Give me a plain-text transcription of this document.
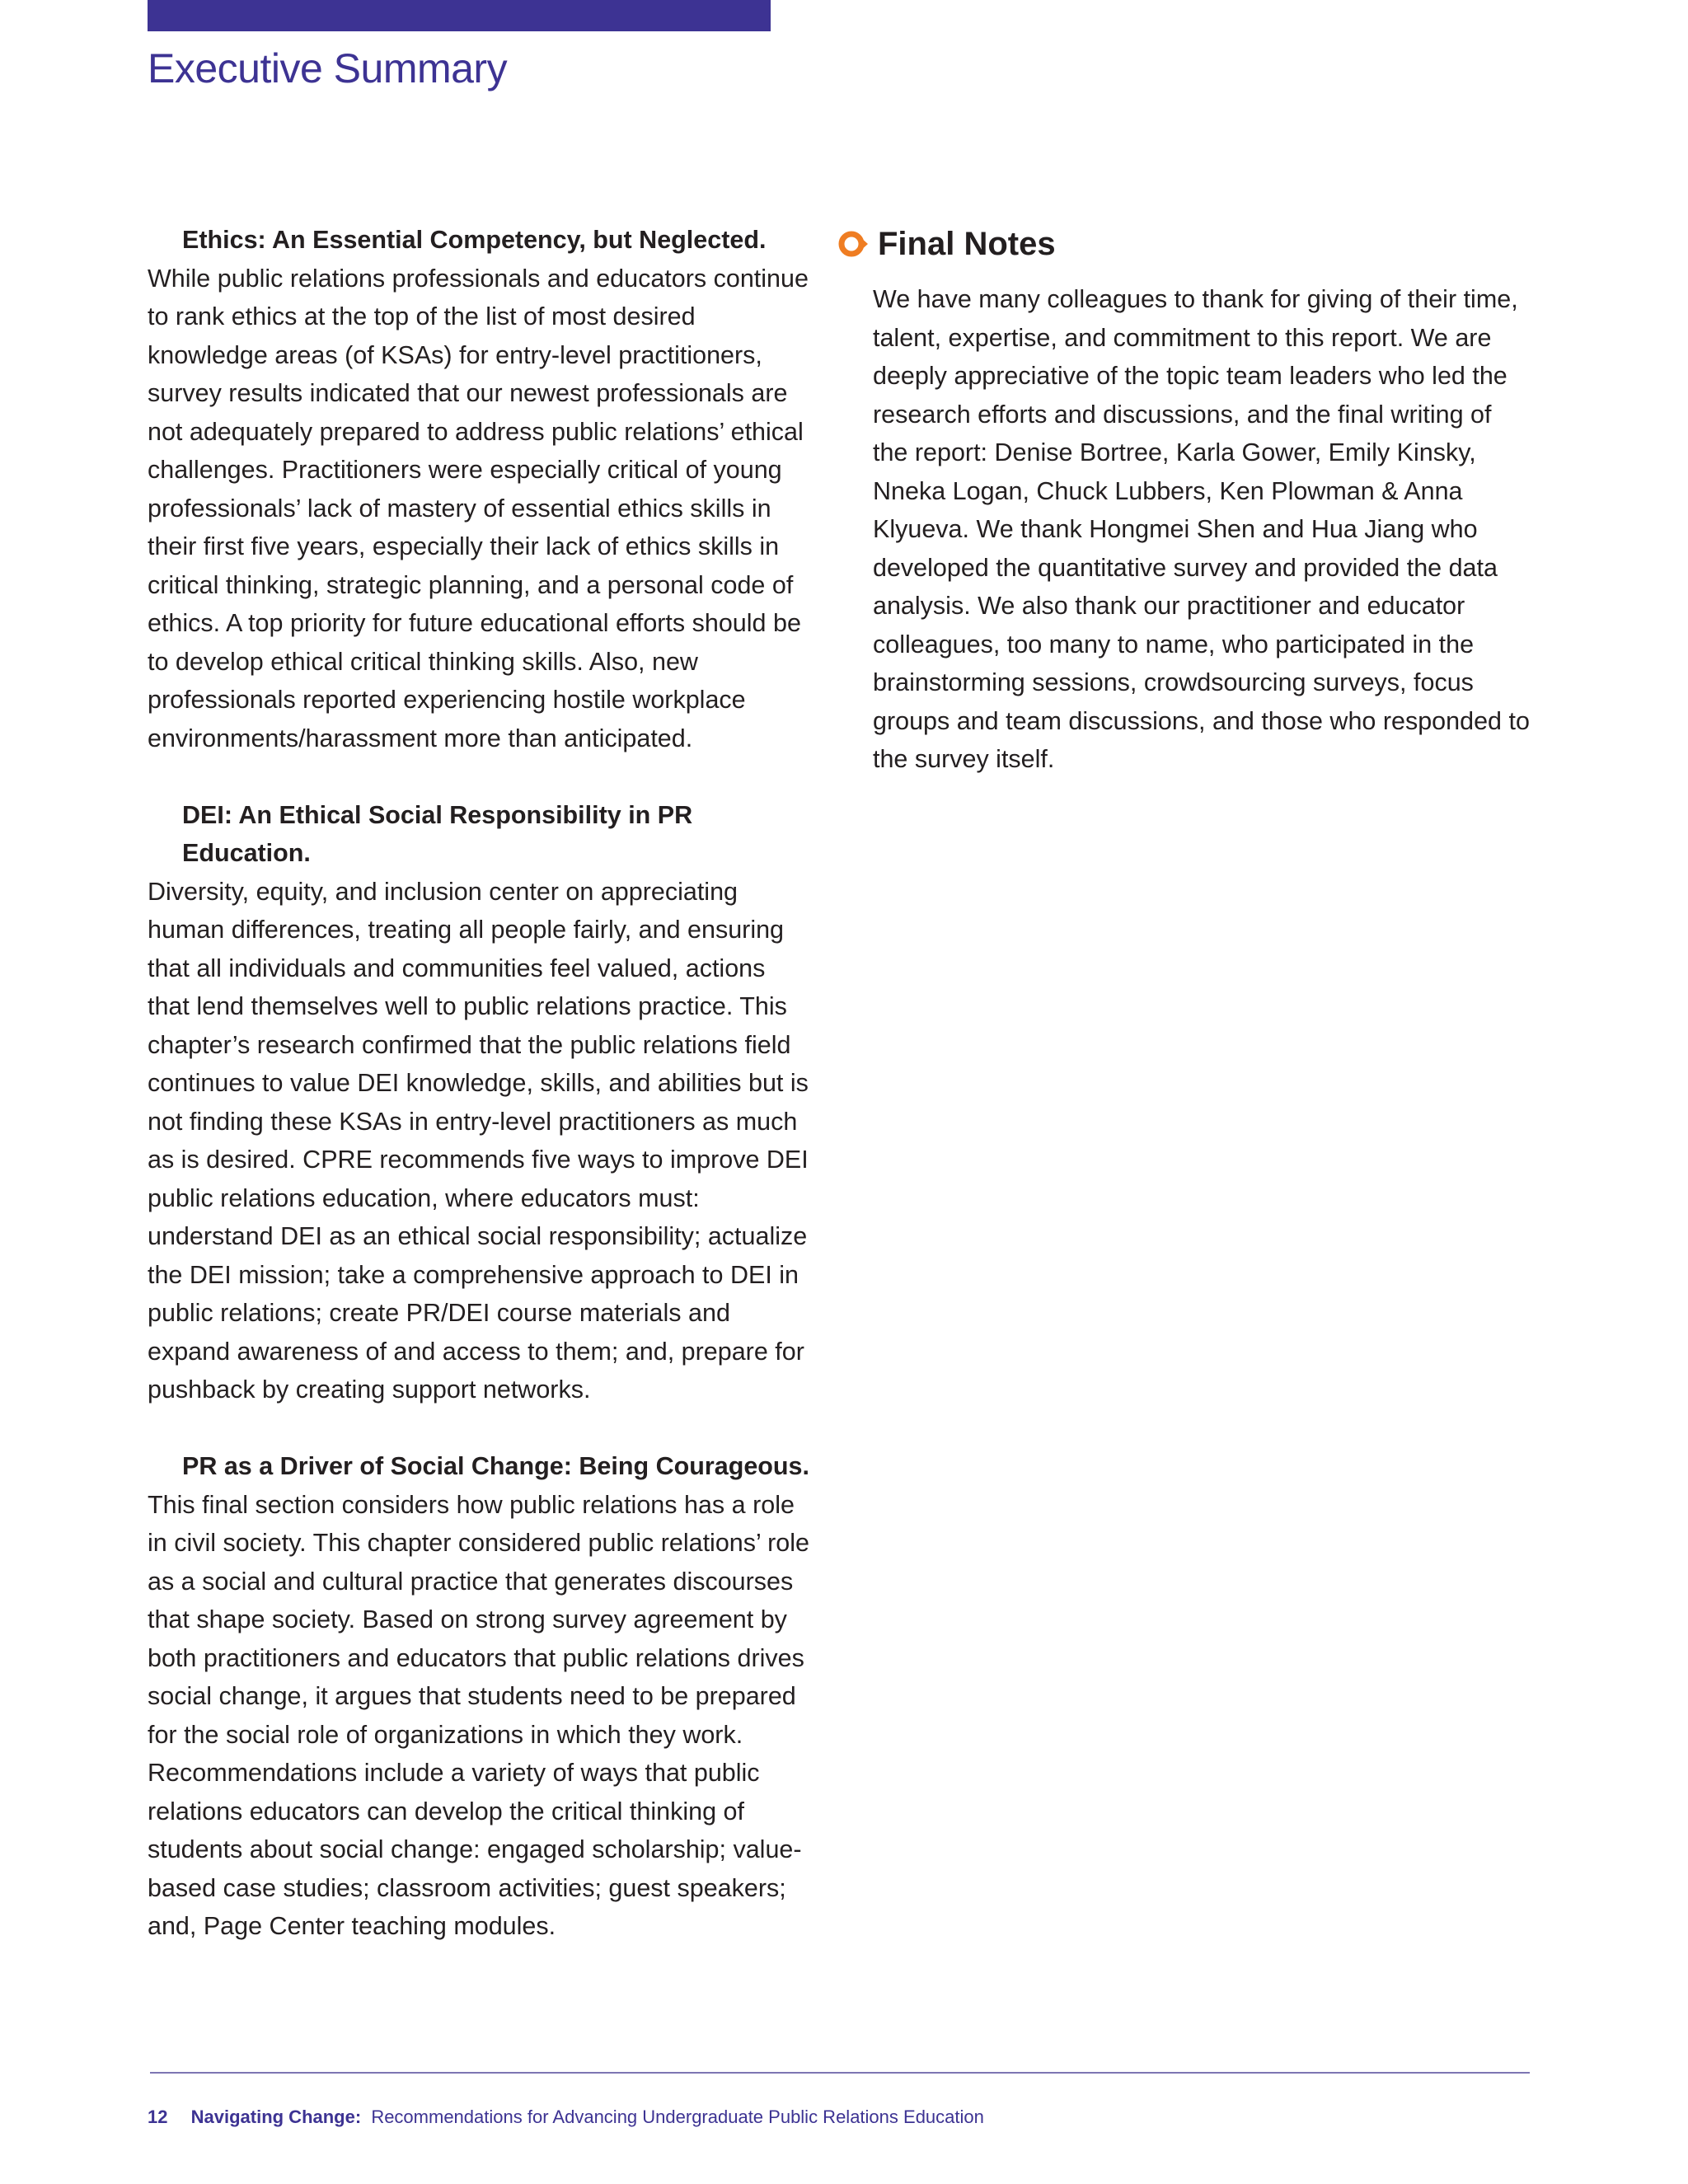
Executive Summary

Ethics: An Essential Competency, but Neglected. While public relations professionals and educators continue to rank ethics at the top of the list of most desired knowledge areas (of KSAs) for entry-level practitioners, survey results indicated that our newest professionals are not adequately prepared to address public relations’ ethical challenges. Practitioners were especially critical of young professionals’ lack of mastery of essential ethics skills in their first five years, especially their lack of ethics skills in critical thinking, strategic planning, and a personal code of ethics. A top priority for future educational efforts should be to develop ethical critical thinking skills. Also, new professionals reported experiencing hostile workplace environments/harassment more than anticipated.

DEI: An Ethical Social Responsibility in PR Education. Diversity, equity, and inclusion center on appreciating human differences, treating all people fairly, and ensuring that all individuals and communities feel valued, actions that lend themselves well to public relations practice. This chapter’s research confirmed that the public relations field continues to value DEI knowledge, skills, and abilities but is not finding these KSAs in entry-level practitioners as much as is desired. CPRE recommends five ways to improve DEI public relations education, where educators must: understand DEI as an ethical social responsibility; actualize the DEI mission; take a comprehensive approach to DEI in public relations; create PR/DEI course materials and expand awareness of and access to them; and, prepare for pushback by creating support networks.

PR as a Driver of Social Change: Being Courageous. This final section considers how public relations has a role in civil society. This chapter considered public relations’ role as a social and cultural practice that generates discourses that shape society. Based on strong survey agreement by both practitioners and educators that public relations drives social change, it argues that students need to be prepared for the social role of organizations in which they work. Recommendations include a variety of ways that public relations educators can develop the critical thinking of students about social change: engaged scholarship; value-based case studies; classroom activities; guest speakers; and, Page Center teaching modules.

Final Notes
We have many colleagues to thank for giving of their time, talent, expertise, and commitment to this report. We are deeply appreciative of the topic team leaders who led the research efforts and discussions, and the final writing of the report: Denise Bortree, Karla Gower, Emily Kinsky, Nneka Logan, Chuck Lubbers, Ken Plowman & Anna Klyueva. We thank Hongmei Shen and Hua Jiang who developed the quantitative survey and provided the data analysis. We also thank our practitioner and educator colleagues, too many to name, who participated in the brainstorming sessions, crowdsourcing surveys, focus groups and team discussions, and those who responded to the survey itself.
12 Navigating Change: Recommendations for Advancing Undergraduate Public Relations Education
